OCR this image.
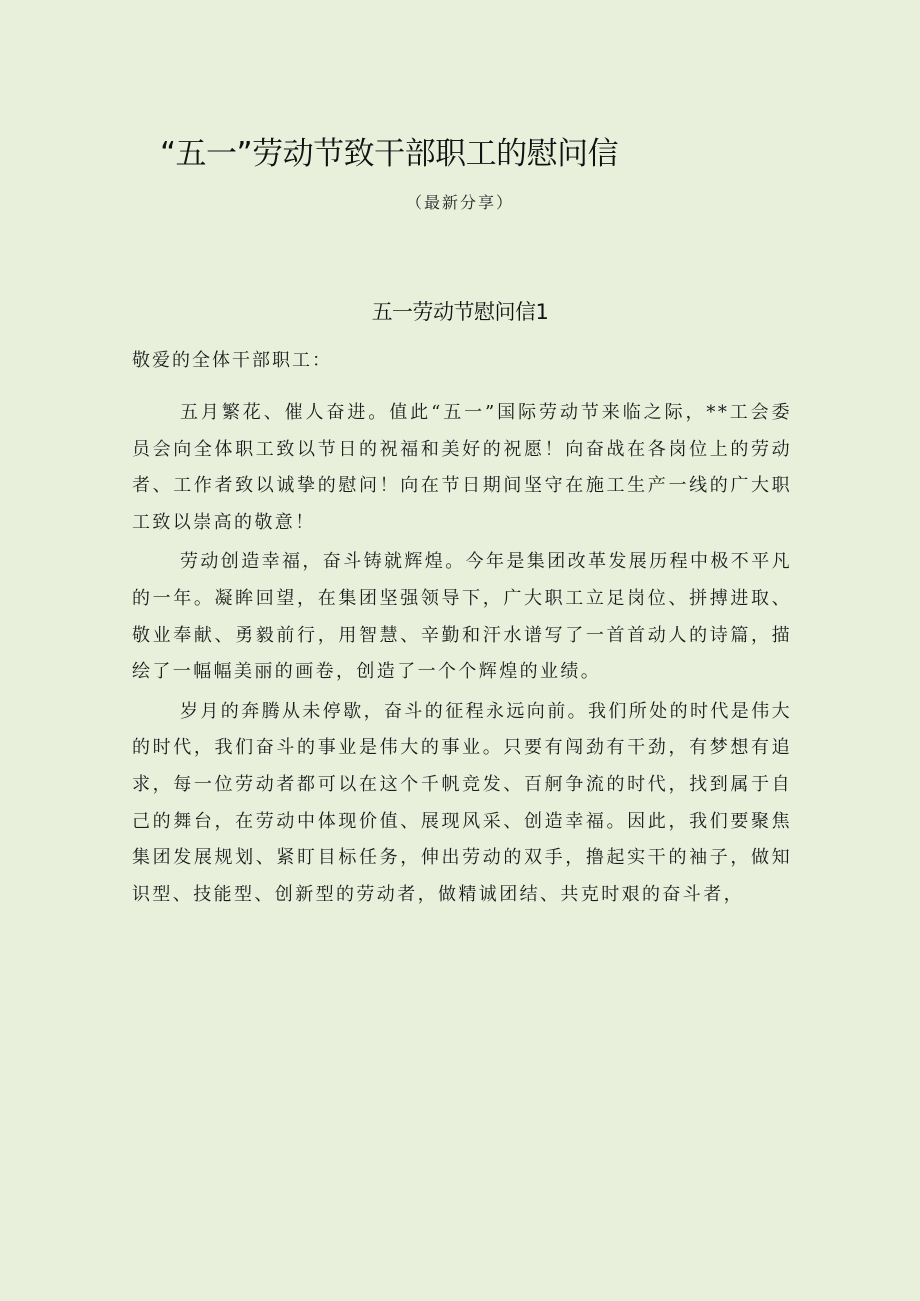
“五一”劳动节致干部职工的慰问信
（最新分享）
五一劳动节慰问信1
敬爱的全体干部职工：

五月繁花、催人奋进。值此“五一”国际劳动节来临之际，**工会委员会向全体职工致以节日的祝福和美好的祝愿！向奋战在各岗位上的劳动者、工作者致以诚挚的慰问！向在节日期间坚守在施工生产一线的广大职工致以崇高的敬意！

劳动创造幸福，奋斗铸就辉煌。今年是集团改革发展历程中极不平凡的一年。凝眸回望，在集团坚强领导下，广大职工立足岗位、拼搏进取、敬业奉献、勇毅前行，用智慧、辛勤和汗水谱写了一首首动人的诗篇，描绘了一幅幅美丽的画卷，创造了一个个辉煌的业绩。

岁月的奔腾从未停歇，奋斗的征程永远向前。我们所处的时代是伟大的时代，我们奋斗的事业是伟大的事业。只要有闯劲有干劲，有梦想有追求，每一位劳动者都可以在这个千帆竞发、百舸争流的时代，找到属于自己的舞台，在劳动中体现价值、展现风采、创造幸福。因此，我们要聚焦集团发展规划、紧盯目标任务，伸出劳动的双手，撸起实干的袖子，做知识型、技能型、创新型的劳动者，做精诚团结、共克时艰的奋斗者，
